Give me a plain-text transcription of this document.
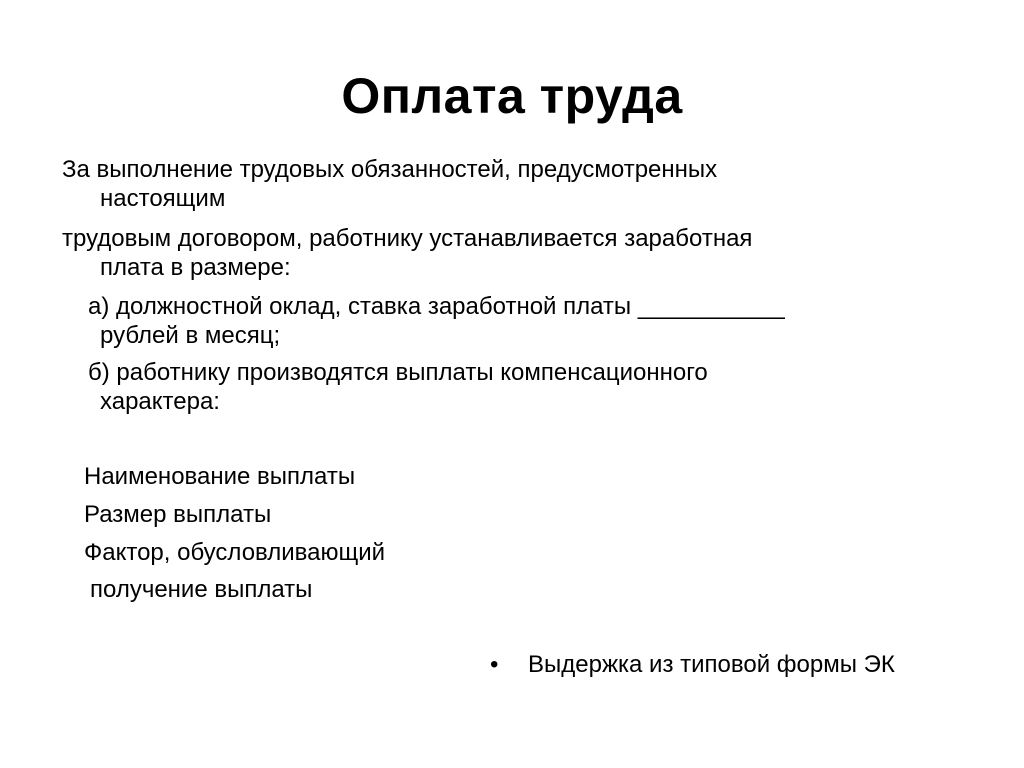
Оплата труда
За выполнение трудовых обязанностей, предусмотренных
настоящим
трудовым договором, работнику устанавливается заработная
плата в размере:
а) должностной оклад, ставка заработной платы ___________
рублей в месяц;
б) работнику производятся выплаты компенсационного
характера:
Наименование выплаты
Размер выплаты
Фактор, обусловливающий
получение выплаты
• Выдержка из типовой формы ЭК
